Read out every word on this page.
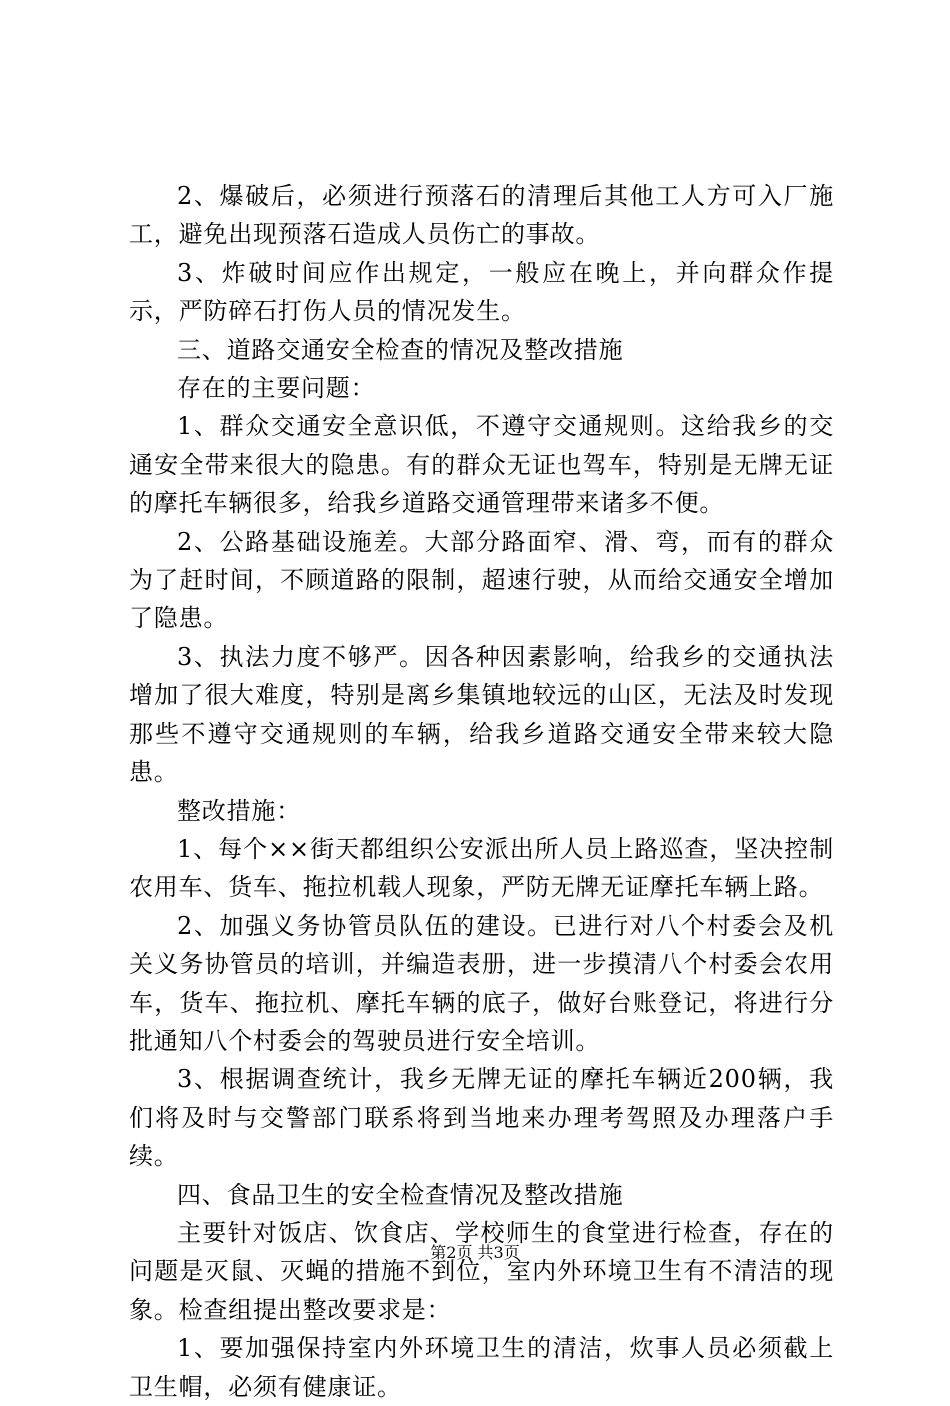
2、爆破后，必须进行预落石的清理后其他工人方可入厂施工，避免出现预落石造成人员伤亡的事故。

3、炸破时间应作出规定，一般应在晚上，并向群众作提示，严防碎石打伤人员的情况发生。

三、道路交通安全检查的情况及整改措施

存在的主要问题：

1、群众交通安全意识低，不遵守交通规则。这给我乡的交通安全带来很大的隐患。有的群众无证也驾车，特别是无牌无证的摩托车辆很多，给我乡道路交通管理带来诸多不便。

2、公路基础设施差。大部分路面窄、滑、弯，而有的群众为了赶时间，不顾道路的限制，超速行驶，从而给交通安全增加了隐患。

3、执法力度不够严。因各种因素影响，给我乡的交通执法增加了很大难度，特别是离乡集镇地较远的山区，无法及时发现那些不遵守交通规则的车辆，给我乡道路交通安全带来较大隐患。

整改措施：

1、每个××街天都组织公安派出所人员上路巡查，坚决控制农用车、货车、拖拉机载人现象，严防无牌无证摩托车辆上路。

2、加强义务协管员队伍的建设。已进行对八个村委会及机关义务协管员的培训，并编造表册，进一步摸清八个村委会农用车，货车、拖拉机、摩托车辆的底子，做好台账登记，将进行分批通知八个村委会的驾驶员进行安全培训。

3、根据调查统计，我乡无牌无证的摩托车辆近200辆，我们将及时与交警部门联系将到当地来办理考驾照及办理落户手续。

四、食品卫生的安全检查情况及整改措施

主要针对饭店、饮食店、学校师生的食堂进行检查，存在的问题是灭鼠、灭蝇的措施不到位，室内外环境卫生有不清洁的现象。检查组提出整改要求是：

1、要加强保持室内外环境卫生的清洁，炊事人员必须截上卫生帽，必须有健康证。

第2页 共3页
